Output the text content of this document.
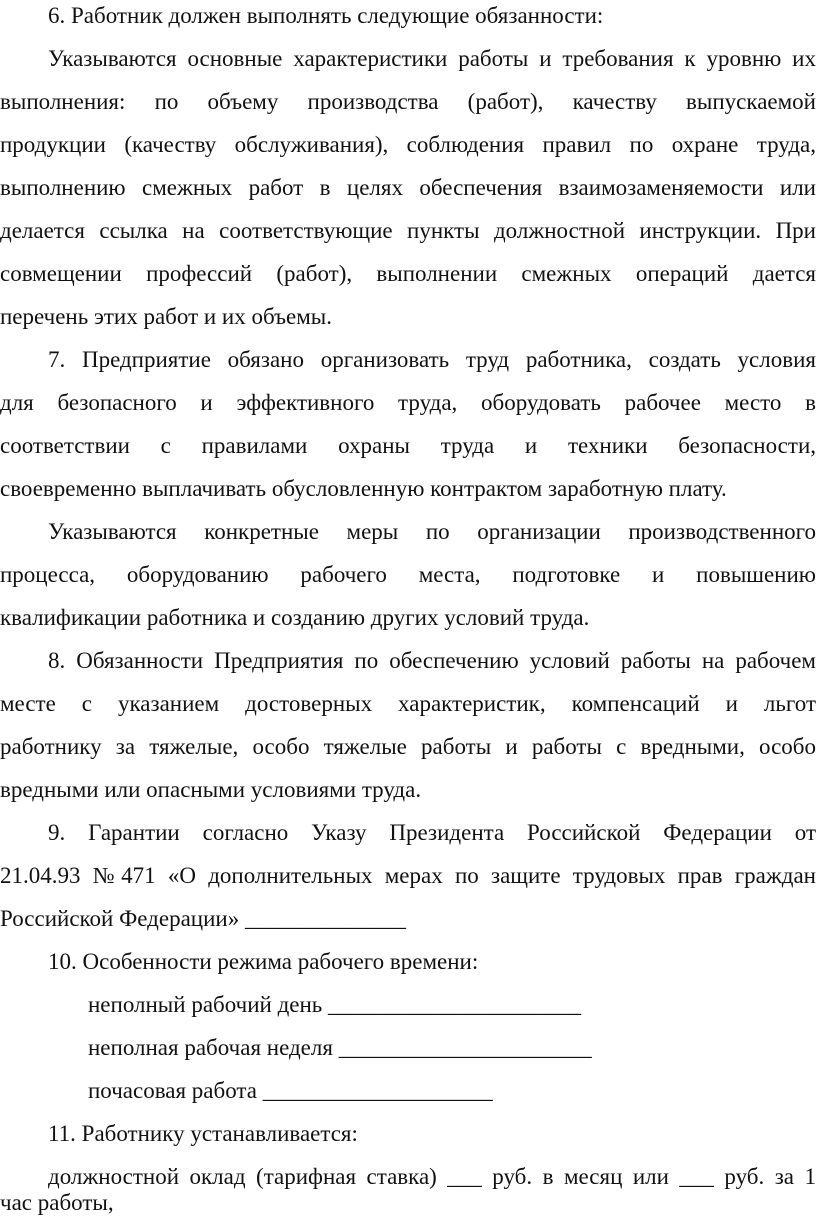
6. Работник должен выполнять следующие обязанности:
Указываются основные характеристики работы и требования к уровню их
выполнения: по объему производства (работ), качеству выпускаемой
продукции (качеству обслуживания), соблюдения правил по охране труда,
выполнению смежных работ в целях обеспечения взаимозаменяемости или
делается ссылка на соответствующие пункты должностной инструкции. При
совмещении профессий (работ), выполнении смежных операций дается
перечень этих работ и их объемы.
7. Предприятие обязано организовать труд работника, создать условия
для безопасного и эффективного труда, оборудовать рабочее место в
соответствии с правилами охраны труда и техники безопасности,
своевременно выплачивать обусловленную контрактом заработную плату.
Указываются конкретные меры по организации производственного
процесса, оборудованию рабочего места, подготовке и повышению
квалификации работника и созданию других условий труда.
8. Обязанности Предприятия по обеспечению условий работы на рабочем
месте с указанием достоверных характеристик, компенсаций и льгот
работнику за тяжелые, особо тяжелые работы и работы с вредными, особо
вредными или опасными условиями труда.
9. Гарантии согласно Указу Президента Российской Федерации от
21.04.93 №471 «О дополнительных мерах по защите трудовых прав граждан
Российской Федерации» ______________
10. Особенности режима рабочего времени:
неполный рабочий день ______________________
неполная рабочая неделя ______________________
почасовая работа ____________________
11. Работнику устанавливается:
должностной оклад (тарифная ставка) ___ руб. в месяц или ___ руб. за 1
час работы,
